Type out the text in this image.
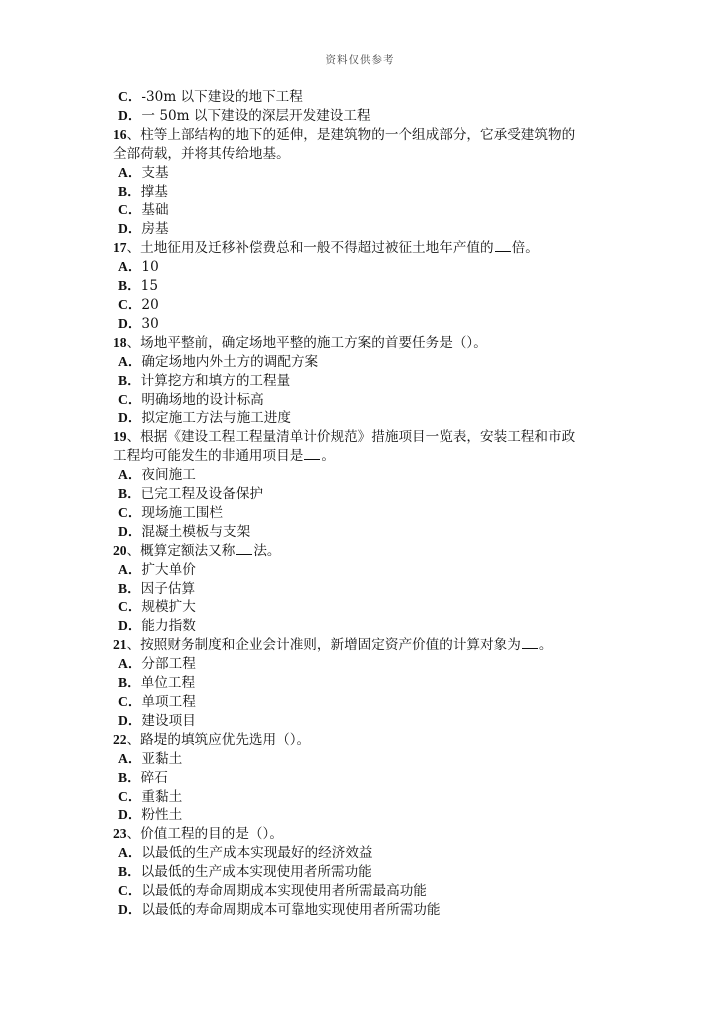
资料仅供参考
C．-30m 以下建设的地下工程
D．一 50m 以下建设的深层开发建设工程
16、柱等上部结构的地下的延伸，是建筑物的一个组成部分，它承受建筑物的
全部荷载，并将其传给地基。
A．支基
B．撑基
C．基础
D．房基
17、土地征用及迁移补偿费总和一般不得超过被征土地年产值的 倍。
A．10
B．15
C．20
D．30
18、场地平整前，确定场地平整的施工方案的首要任务是（）。
A．确定场地内外土方的调配方案
B．计算挖方和填方的工程量
C．明确场地的设计标高
D．拟定施工方法与施工进度
19、根据《建设工程工程量清单计价规范》措施项目一览表，安装工程和市政
工程均可能发生的非通用项目是 。
A．夜间施工
B．已完工程及设备保护
C．现场施工围栏
D．混凝土模板与支架
20、概算定额法又称 法。
A．扩大单价
B．因子估算
C．规模扩大
D．能力指数
21、按照财务制度和企业会计准则，新增固定资产价值的计算对象为 。
A．分部工程
B．单位工程
C．单项工程
D．建设项目
22、路堤的填筑应优先选用（）。
A．亚黏土
B．碎石
C．重黏土
D．粉性土
23、价值工程的目的是（）。
A．以最低的生产成本实现最好的经济效益
B．以最低的生产成本实现使用者所需功能
C．以最低的寿命周期成本实现使用者所需最高功能
D．以最低的寿命周期成本可靠地实现使用者所需功能
